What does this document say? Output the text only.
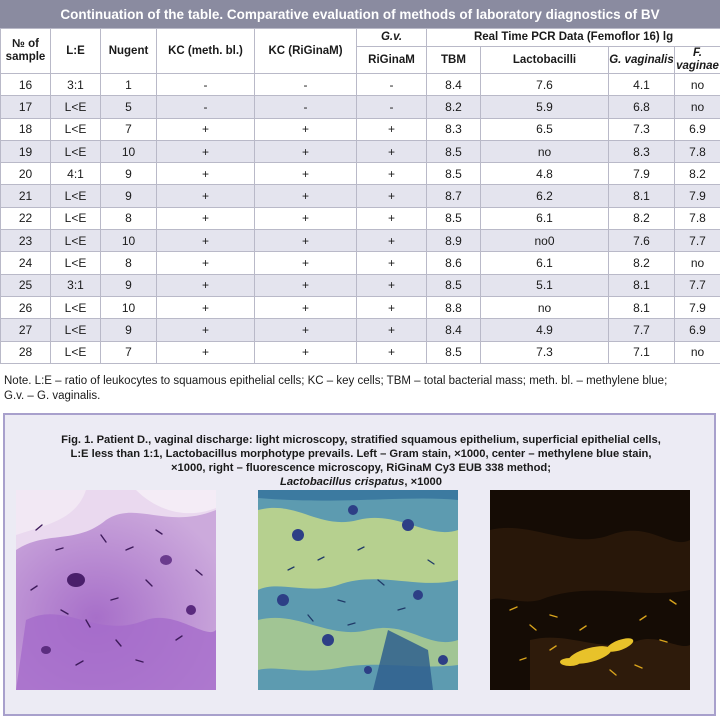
Continuation of the table. Comparative evaluation of methods of laboratory diagnostics of BV
№ of sample	L:E	Nugent	KC (meth. bl.)	KC (RiGinaM)	G.v.	Real Time PCR Data (Femoflor 16) lg			
					RiGinaM	TBM	Lactobacilli	G. vaginalis	F. vaginae
16	3:1	1	-	-	-	8.4	7.6	4.1	no
17	L<E	5	-	-	-	8.2	5.9	6.8	no
18	L<E	7	+	+	+	8.3	6.5	7.3	6.9
19	L<E	10	+	+	+	8.5	no	8.3	7.8
20	4:1	9	+	+	+	8.5	4.8	7.9	8.2
21	L<E	9	+	+	+	8.7	6.2	8.1	7.9
22	L<E	8	+	+	+	8.5	6.1	8.2	7.8
23	L<E	10	+	+	+	8.9	no0	7.6	7.7
24	L<E	8	+	+	+	8.6	6.1	8.2	no
25	3:1	9	+	+	+	8.5	5.1	8.1	7.7
26	L<E	10	+	+	+	8.8	no	8.1	7.9
27	L<E	9	+	+	+	8.4	4.9	7.7	6.9
28	L<E	7	+	+	+	8.5	7.3	7.1	no
Note. L:E – ratio of leukocytes to squamous epithelial cells; KC – key cells; TBM – total bacterial mass; meth. bl. – methylene blue;
G.v. – G. vaginalis.
Fig. 1. Patient D., vaginal discharge: light microscopy, stratified squamous epithelium, superficial epithelial cells,
L:E less than 1:1, Lactobacillus morphotype prevails. Left – Gram stain, ×1000, center – methylene blue stain,
×1000, right – fluorescence microscopy, RiGinaM Cy3 EUB 338 method;
Lactobacillus crispatus, ×1000
